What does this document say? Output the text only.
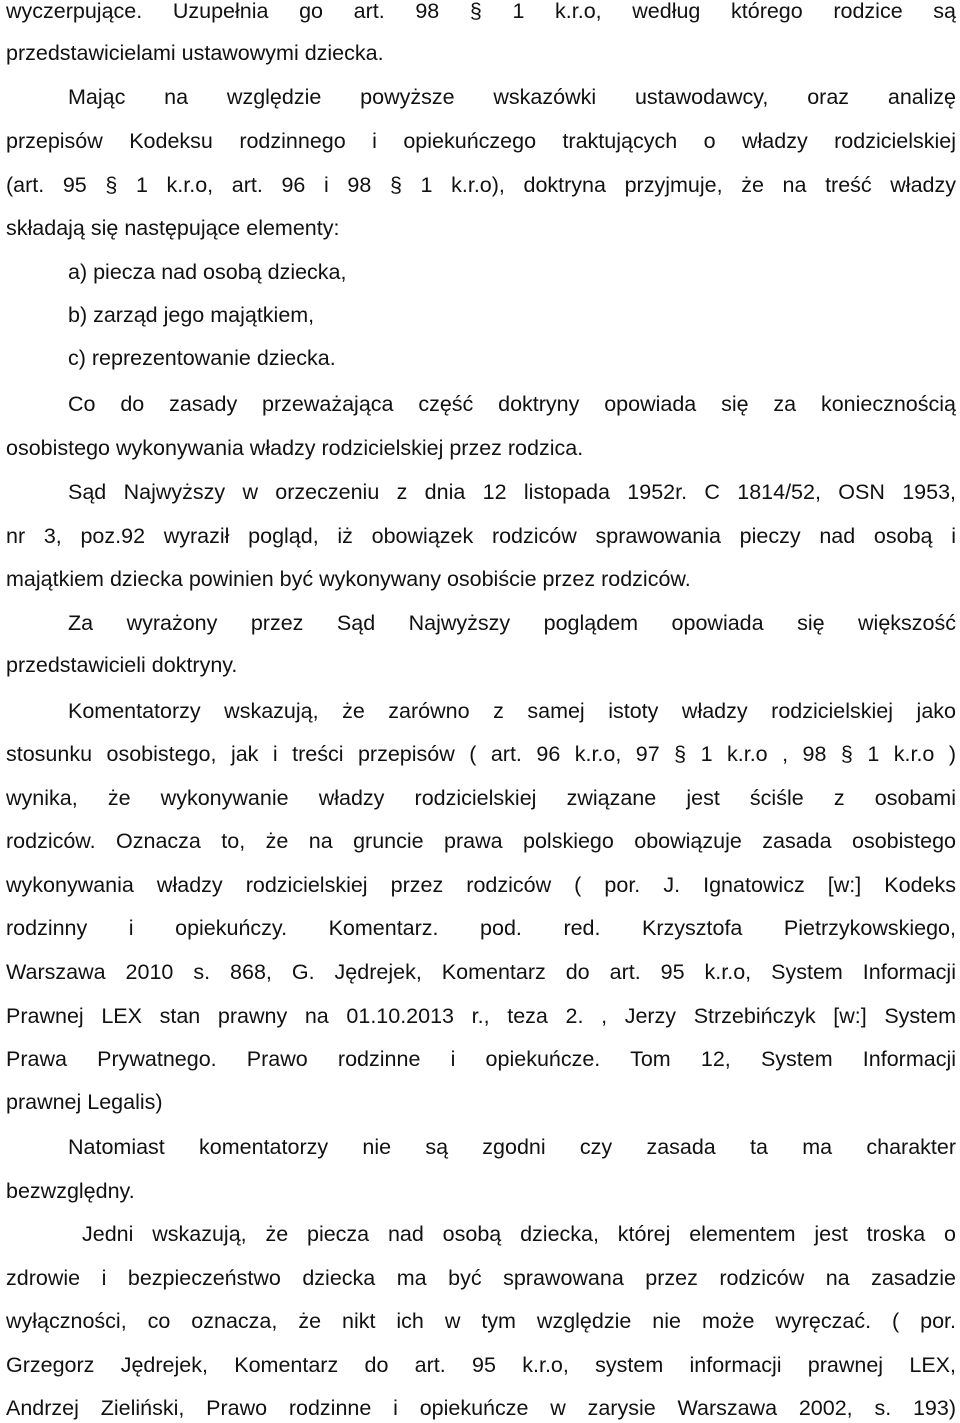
wyczerpujące. Uzupełnia go art. 98 § 1 k.r.o, według którego rodzice są
przedstawicielami ustawowymi dziecka.
Mając na względzie powyższe wskazówki ustawodawcy, oraz analizę
przepisów Kodeksu rodzinnego i opiekuńczego traktujących o władzy rodzicielskiej
(art. 95 § 1 k.r.o, art. 96 i 98 § 1 k.r.o), doktryna przyjmuje, że na treść władzy
składają się następujące elementy:
a) piecza nad osobą dziecka,
b) zarząd jego majątkiem,
c) reprezentowanie dziecka.
Co do zasady przeważająca część doktryny opowiada się za koniecznością
osobistego wykonywania władzy rodzicielskiej przez rodzica.
Sąd Najwyższy w orzeczeniu z dnia 12 listopada 1952r. C 1814/52, OSN 1953,
nr 3, poz.92 wyraził pogląd, iż obowiązek rodziców sprawowania pieczy nad osobą i
majątkiem dziecka powinien być wykonywany osobiście przez rodziców.
Za wyrażony przez Sąd Najwyższy poglądem opowiada się większość
przedstawicieli doktryny.
Komentatorzy wskazują, że zarówno z samej istoty władzy rodzicielskiej jako
stosunku osobistego, jak i treści przepisów ( art. 96 k.r.o, 97 § 1 k.r.o , 98 § 1 k.r.o )
wynika, że wykonywanie władzy rodzicielskiej związane jest ściśle z osobami
rodziców. Oznacza to, że na gruncie prawa polskiego obowiązuje zasada osobistego
wykonywania władzy rodzicielskiej przez rodziców ( por. J. Ignatowicz [w:] Kodeks
rodzinny i opiekuńczy. Komentarz. pod. red. Krzysztofa Pietrzykowskiego,
Warszawa 2010 s. 868, G. Jędrejek, Komentarz do art. 95 k.r.o, System Informacji
Prawnej LEX stan prawny na 01.10.2013 r., teza 2. , Jerzy Strzebińczyk [w:] System
Prawa Prywatnego. Prawo rodzinne i opiekuńcze. Tom 12, System Informacji
prawnej Legalis)
Natomiast komentatorzy nie są zgodni czy zasada ta ma charakter
bezwzględny.
Jedni wskazują, że piecza nad osobą dziecka, której elementem jest troska o
zdrowie i bezpieczeństwo dziecka ma być sprawowana przez rodziców na zasadzie
wyłączności, co oznacza, że nikt ich w tym względzie nie może wyręczać. ( por.
Grzegorz Jędrejek, Komentarz do art. 95 k.r.o, system informacji prawnej LEX,
Andrzej Zieliński, Prawo rodzinne i opiekuńcze w zarysie Warszawa 2002, s. 193)
